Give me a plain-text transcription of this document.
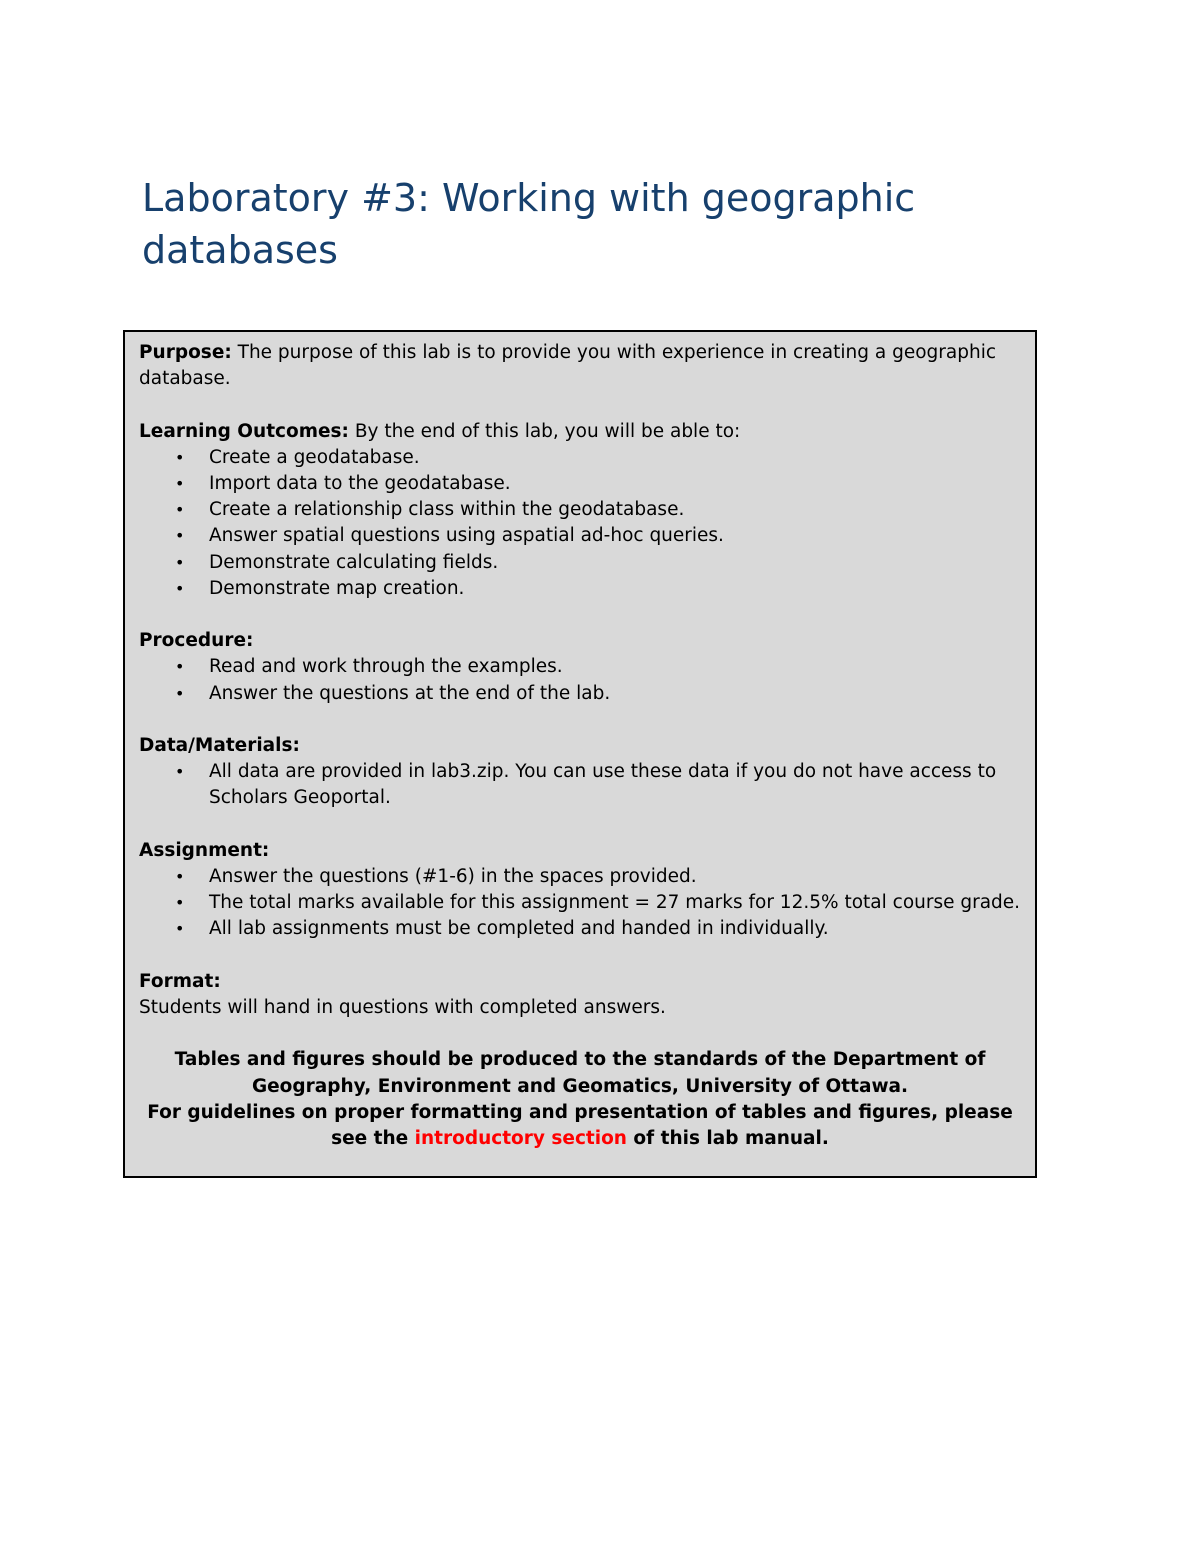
Laboratory #3: Working with geographic databases

Purpose: The purpose of this lab is to provide you with experience in creating a geographic database.

Learning Outcomes: By the end of this lab, you will be able to:

• Create a geodatabase.
• Import data to the geodatabase.
• Create a relationship class within the geodatabase.
• Answer spatial questions using aspatial ad-hoc queries.
• Demonstrate calculating fields.
• Demonstrate map creation.

Procedure:

• Read and work through the examples.
• Answer the questions at the end of the lab.

Data/Materials:

• All data are provided in lab3.zip. You can use these data if you do not have access to Scholars Geoportal.

Assignment:

• Answer the questions (#1-6) in the spaces provided.
• The total marks available for this assignment = 27 marks for 12.5% total course grade.
• All lab assignments must be completed and handed in individually.

Format:

Students will hand in questions with completed answers.

Tables and figures should be produced to the standards of the Department of Geography, Environment and Geomatics, University of Ottawa.

For guidelines on proper formatting and presentation of tables and figures, please see the introductory section of this lab manual.
